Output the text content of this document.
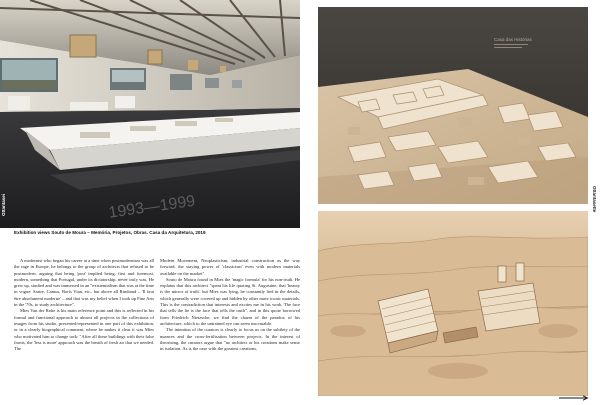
1993—1999
Ottantasei
Exhibition views Souto de Moura – Memória, Projetos, Obras. Casa da Arquitetura, 2019

A modernist who began his career at a time when postmodernism was all the rage in Europe, he belongs to the group of architects that refused to be postmodern, arguing that being 'post' implied being, first and foremost, modern, something that Portugal, under its dictatorship, never truly was. He grew up, studied and was immersed in an "existentialism that was at the time in vogue: Sartre, Camus, Boris Vian, etc., but above all Rimbaud – 'Il faut être absolument moderne' – and that was my belief when I took up Fine Arts in the '70s, to study architecture".

Mies Van der Rohe is his main reference point and this is reflected in his formal and functional approach to almost all projects in the collections of images from his studio, presented/represented in one part of this exhibition, or in a clearly biographical comment, where he makes it clear it was Mies who motivated him to change tack: "After all these buildings with their false fronts, the 'less is more' approach was the breath of fresh air that we needed. The

Modern Movement, Neoplasticism, industrial construction as the way forward, the staying power of 'classicism' even with modern materials available on the market".

Souto de Moura found in Mies the 'magic formula' for his non-truth. He explains that this architect "spent his life quoting St. Augustine, that 'beauty is the mirror of truth', but Mies was lying, he constantly lied in the details, which generally were covered up and hidden by other more iconic materials. This is the contradiction that interests and excites me in his work. The face that tells the lie is the face that tells the truth", and in this quote borrowed from Friedrich Nietzsche, we find the charm of the paradox of his architecture, which to the untrained eye can seem inscrutable.

The intention of the curators is clearly to focus us on the subtlety of the nuances and the cross-fertilisation between projects. In the interest of theorising, the curators argue that "no architect or his creations make sense in isolation. As is the case with the greatest creations,

Casa das Histórias
Ottantasette
